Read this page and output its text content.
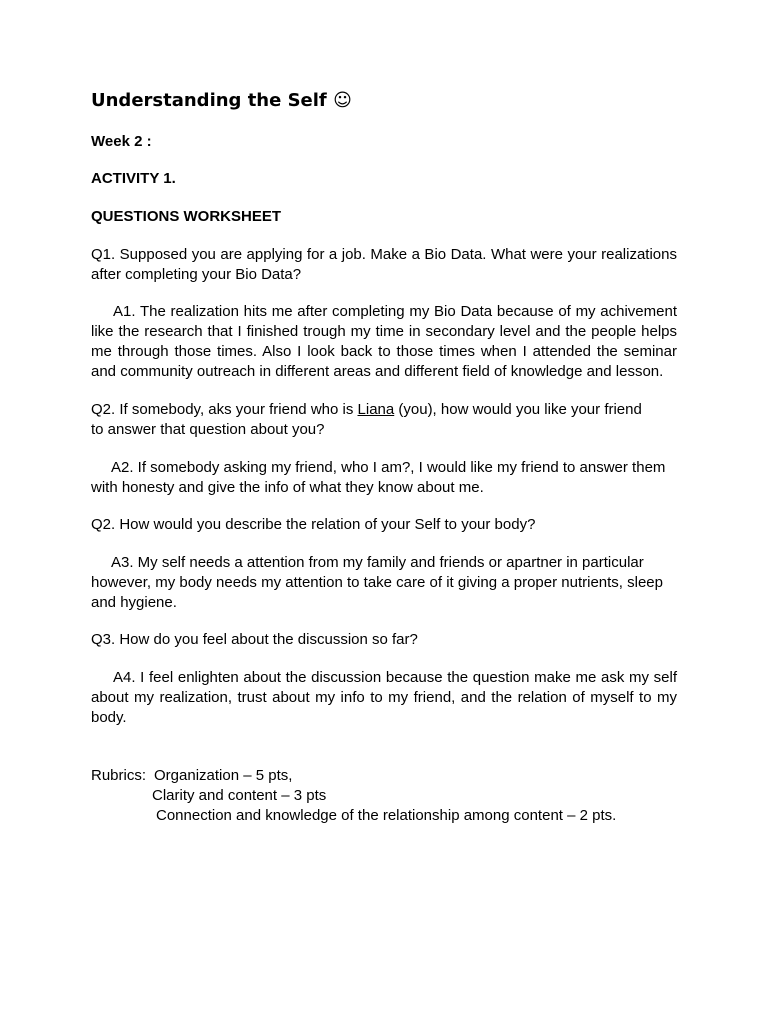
Understanding the Self ☺
Week 2 :
ACTIVITY 1.
QUESTIONS WORKSHEET

Q1. Supposed you are applying for a job. Make a Bio Data. What were your realizations after completing your Bio Data?

A1. The realization hits me after completing my Bio Data because of my achivement like the research that I finished trough my time in secondary level and the people helps me through those times. Also I look back to those times when I attended the seminar and community outreach in different areas and different field of knowledge and lesson.

Q2. If somebody, aks your friend who is Liana (you), how would you like your friend to answer that question about you?

A2. If somebody asking my friend, who I am?, I would like my friend to answer them with honesty and give the info of what they know about me.

Q2. How would you describe the relation of your Self to your body?

A3. My self needs a attention from my family and friends or apartner in particular however, my body needs my attention to take care of it giving a proper nutrients, sleep and hygiene.

Q3. How do you feel about the discussion so far?

A4. I feel enlighten about the discussion because the question make me ask my self about my realization, trust about my info to my friend, and the relation of myself to my body.

Rubrics: Organization – 5 pts,
Clarity and content – 3 pts
Connection and knowledge of the relationship among content – 2 pts.
